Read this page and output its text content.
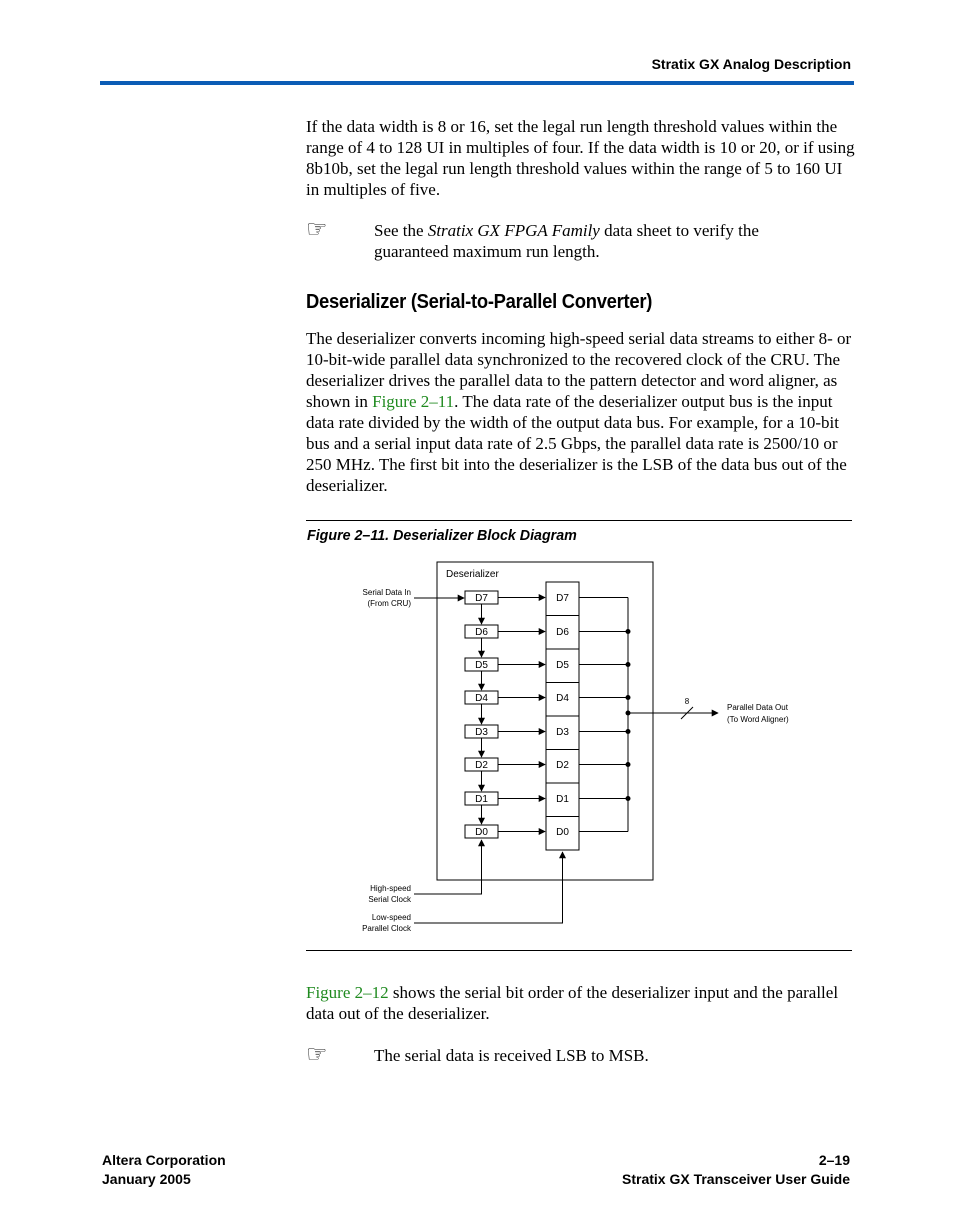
Stratix GX Analog Description
If the data width is 8 or 16, set the legal run length threshold values within the range of 4 to 128 UI in multiples of four. If the data width is 10 or 20, or if using 8b10b, set the legal run length threshold values within the range of 5 to 160 UI in multiples of five.
☞	See the Stratix GX FPGA Family data sheet to verify the guaranteed maximum run length.
Deserializer (Serial-to-Parallel Converter)
The deserializer converts incoming high-speed serial data streams to either 8- or 10-bit-wide parallel data synchronized to the recovered clock of the CRU. The deserializer drives the parallel data to the pattern detector and word aligner, as shown in Figure 2–11. The data rate of the deserializer output bus is the input data rate divided by the width of the output data bus. For example, for a 10-bit bus and a serial input data rate of 2.5 Gbps, the parallel data rate is 2500/10 or 250 MHz. The first bit into the deserializer is the LSB of the data bus out of the deserializer.
Figure 2–11. Deserializer Block Diagram
Deserializer
Serial Data In
(From CRU)	D7
D6
D5
D4
D3
D2
D1
D0
D7
D6
D5
D4
D3
D2
D1
D0
8
Parallel Data Out
(To Word Aligner)
High-speed
Serial Clock
Low-speed
Parallel Clock
Figure 2–12 shows the serial bit order of the deserializer input and the parallel data out of the deserializer.
☞	The serial data is received LSB to MSB.
Altera Corporation
January 2005
2–19
Stratix GX Transceiver User Guide
